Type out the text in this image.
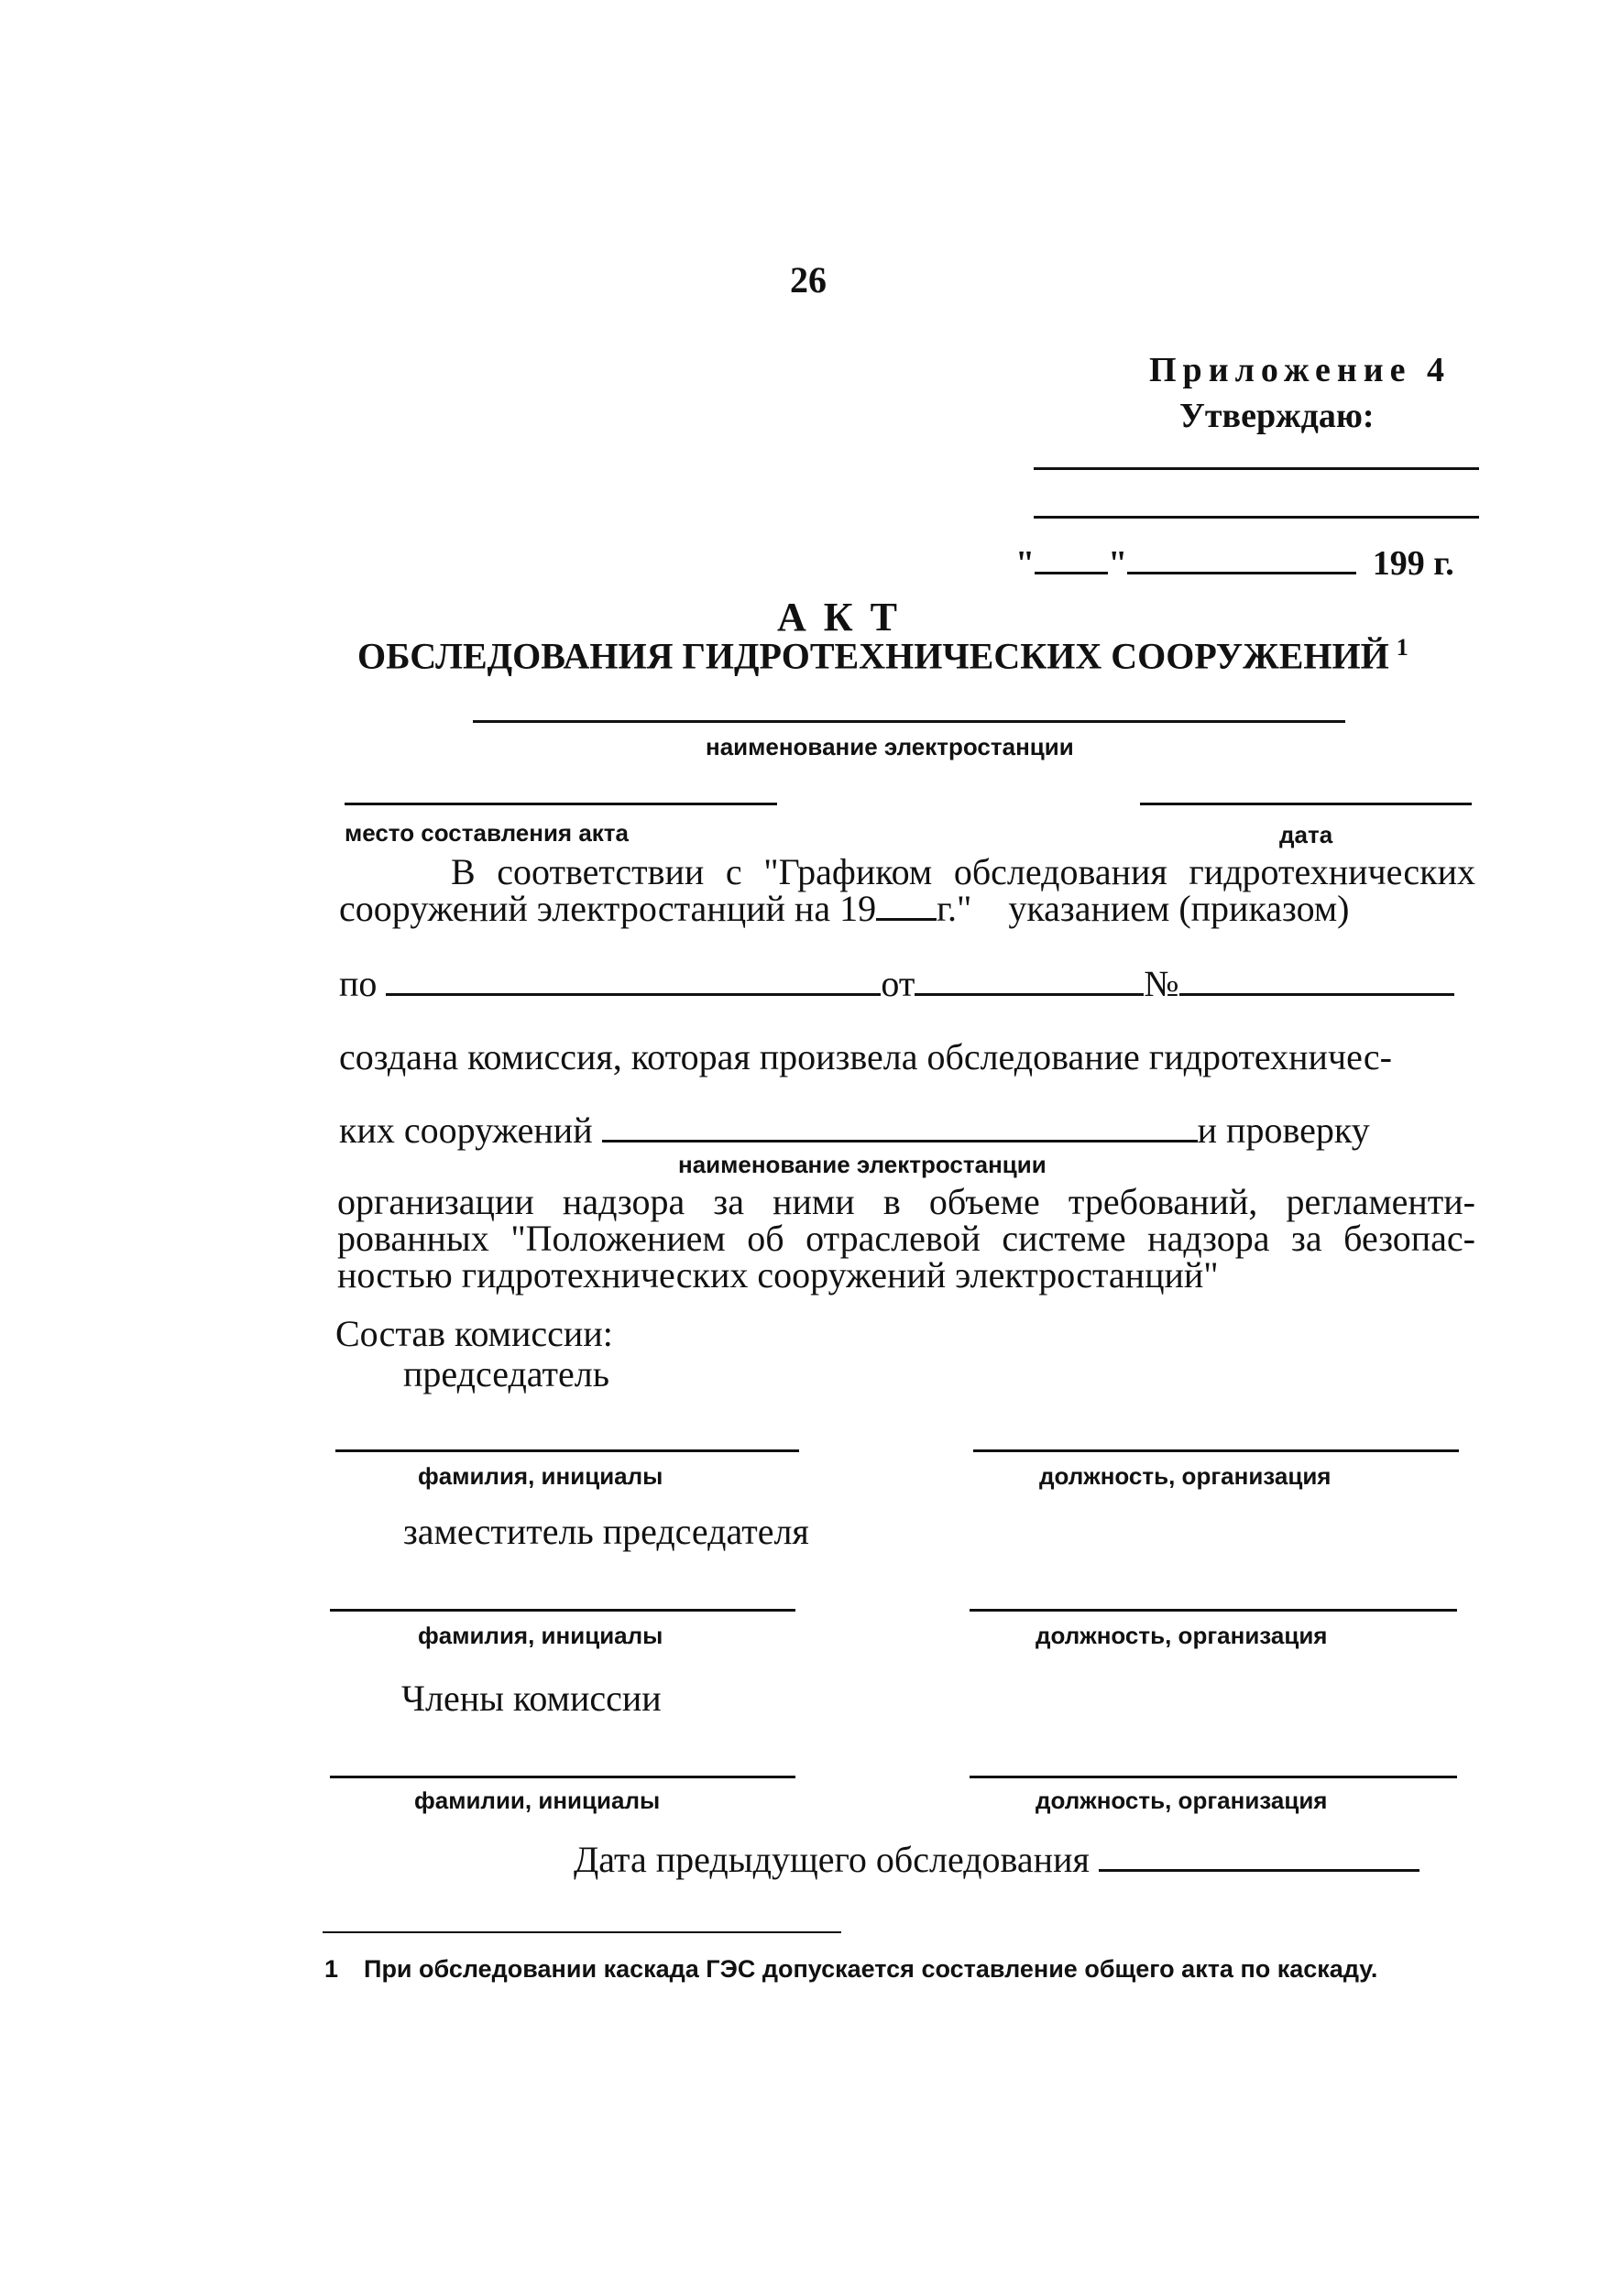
26
Приложение 4
Утверждаю:
" "	199 г.
А К Т
ОБСЛЕДОВАНИЯ ГИДРОТЕХНИЧЕСКИХ СООРУЖЕНИЙ $^1$
наименование электростанции
место составления акта	дата
В соответствии с "Графиком обследования гидротехнических
сооружений электростанций на 19 г." указанием (приказом)
по	от	№
создана комиссия, которая произвела обследование гидротехничес-
ких сооружений	и проверку
наименование электростанции
организации надзора за ними в объеме требований, регламенти-
рованных "Положением об отраслевой системе надзора за безопас-
ностью гидротехнических сооружений электростанций"
Состав комиссии:
председатель
фамилия, инициалы	должность, организация
заместитель председателя
фамилия, инициалы	должность, организация
Члены комиссии
фамилии, инициалы	должность, организация
Дата предыдущего обследования
1 При обследовании каскада ГЭС допускается составление общего акта по каскаду.
